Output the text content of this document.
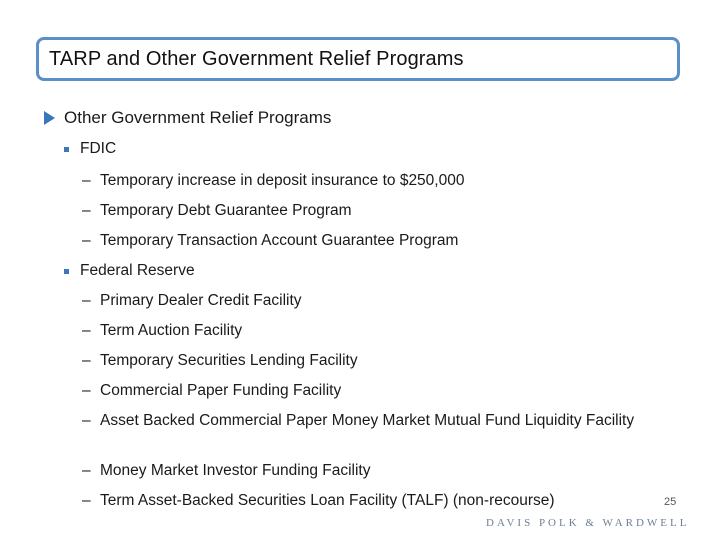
TARP and Other Government Relief Programs
Other Government Relief Programs
FDIC
– Temporary increase in deposit insurance to $250,000
– Temporary Debt Guarantee Program
– Temporary Transaction Account Guarantee Program
Federal Reserve
– Primary Dealer Credit Facility
– Term Auction Facility
– Temporary Securities Lending Facility
– Commercial Paper Funding Facility
– Asset Backed Commercial Paper Money Market Mutual Fund Liquidity Facility
– Money Market Investor Funding Facility
– Term Asset-Backed Securities Loan Facility (TALF) (non-recourse)	25
DAVIS POLK & WARDWELL
